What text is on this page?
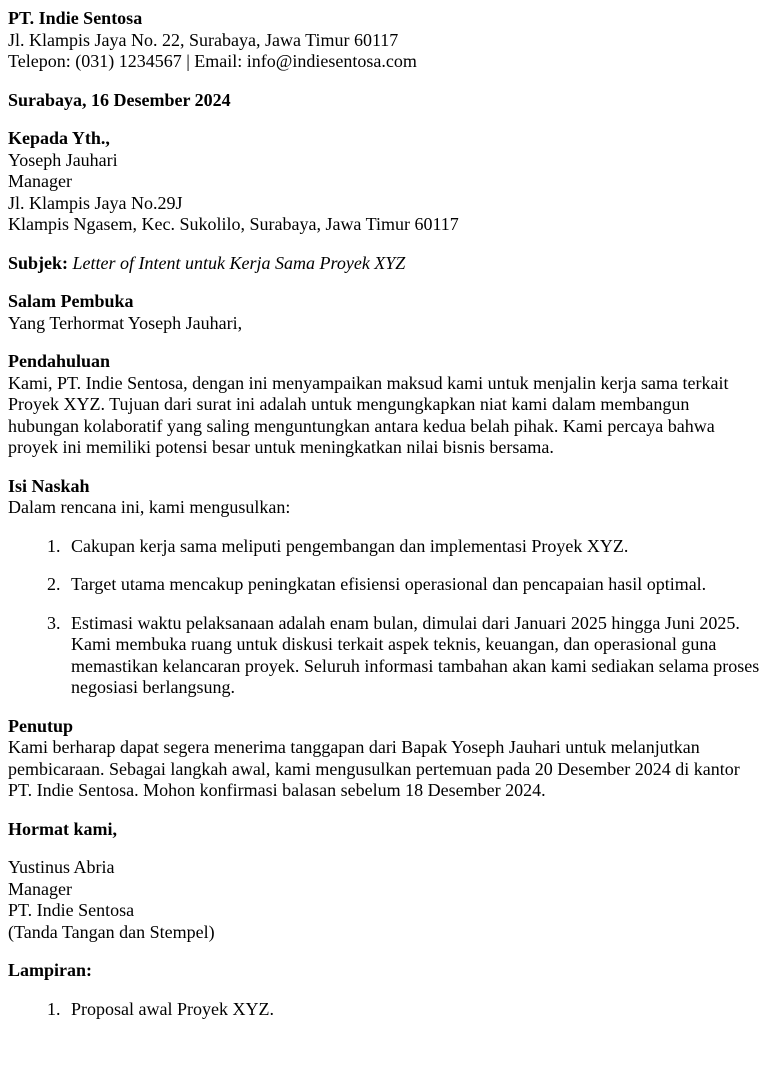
PT. Indie Sentosa
Jl. Klampis Jaya No. 22, Surabaya, Jawa Timur 60117
Telepon: (031) 1234567 | Email: info@indiesentosa.com

Surabaya, 16 Desember 2024

Kepada Yth.,
Yoseph Jauhari
Manager
Jl. Klampis Jaya No.29J
Klampis Ngasem, Kec. Sukolilo, Surabaya, Jawa Timur 60117

Subjek: Letter of Intent untuk Kerja Sama Proyek XYZ

Salam Pembuka
Yang Terhormat Yoseph Jauhari,

Pendahuluan
Kami, PT. Indie Sentosa, dengan ini menyampaikan maksud kami untuk menjalin kerja sama terkait Proyek XYZ. Tujuan dari surat ini adalah untuk mengungkapkan niat kami dalam membangun hubungan kolaboratif yang saling menguntungkan antara kedua belah pihak. Kami percaya bahwa proyek ini memiliki potensi besar untuk meningkatkan nilai bisnis bersama.

Isi Naskah
Dalam rencana ini, kami mengusulkan:

1. Cakupan kerja sama meliputi pengembangan dan implementasi Proyek XYZ.
2. Target utama mencakup peningkatan efisiensi operasional dan pencapaian hasil optimal.
3. Estimasi waktu pelaksanaan adalah enam bulan, dimulai dari Januari 2025 hingga Juni 2025. Kami membuka ruang untuk diskusi terkait aspek teknis, keuangan, dan operasional guna memastikan kelancaran proyek. Seluruh informasi tambahan akan kami sediakan selama proses negosiasi berlangsung.

Penutup
Kami berharap dapat segera menerima tanggapan dari Bapak Yoseph Jauhari untuk melanjutkan pembicaraan. Sebagai langkah awal, kami mengusulkan pertemuan pada 20 Desember 2024 di kantor PT. Indie Sentosa. Mohon konfirmasi balasan sebelum 18 Desember 2024.

Hormat kami,

Yustinus Abria
Manager
PT. Indie Sentosa
(Tanda Tangan dan Stempel)

Lampiran:

1. Proposal awal Proyek XYZ.
